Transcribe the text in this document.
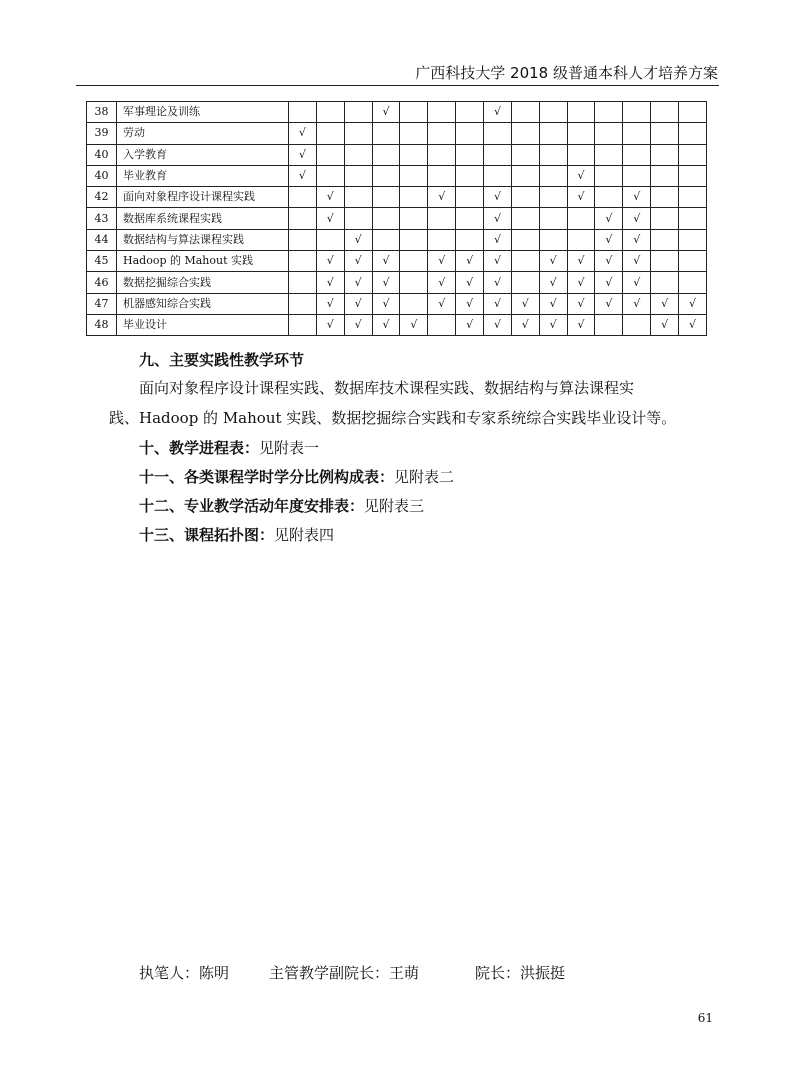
广西科技大学 2018 级普通本科人才培养方案
38	军事理论及训练				√				√							
39	劳动	√														
40	入学教育	√														
40	毕业教育	√										√				
42	面向对象程序设计课程实践		√				√		√			√		√		
43	数据库系统课程实践		√						√				√	√		
44	数据结构与算法课程实践			√					√				√	√		
45	Hadoop 的 Mahout 实践		√	√	√		√	√	√		√	√	√	√		
46	数据挖掘综合实践		√	√	√		√	√	√		√	√	√	√		
47	机器感知综合实践		√	√	√		√	√	√	√	√	√	√	√	√	√
48	毕业设计		√	√	√	√		√	√	√	√	√			√	√
九、主要实践性教学环节
面向对象程序设计课程实践、数据库技术课程实践、数据结构与算法课程实
践、Hadoop 的 Mahout 实践、数据挖掘综合实践和专家系统综合实践毕业设计等。
十、教学进程表：见附表一
十一、各类课程学时学分比例构成表：见附表二
十二、专业教学活动年度安排表：见附表三
十三、课程拓扑图：见附表四
执笔人：陈明	主管教学副院长：王萌	院长：洪振挺
61
